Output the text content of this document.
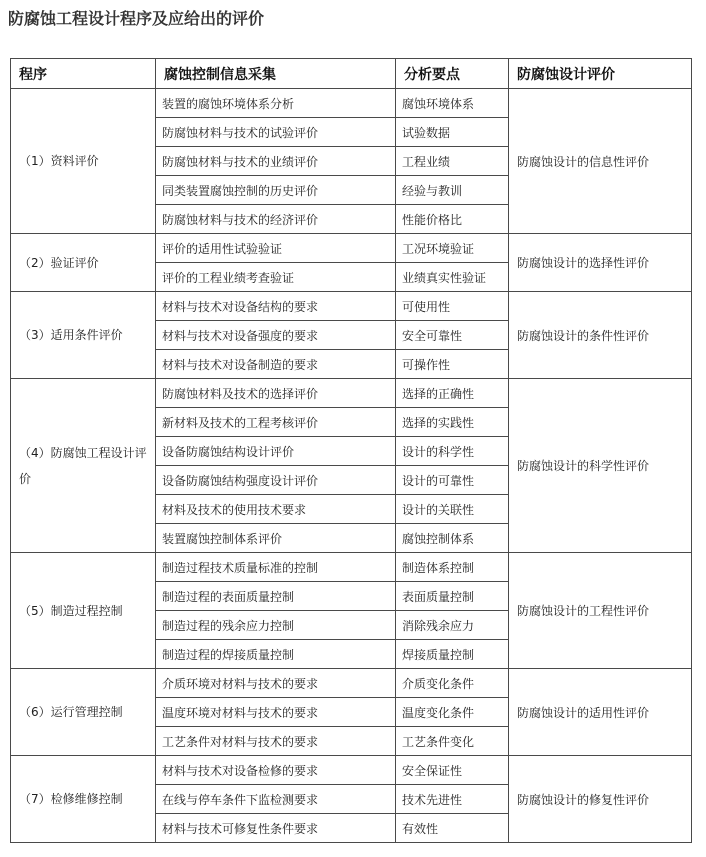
防腐蚀工程设计程序及应给出的评价
程序	腐蚀控制信息采集	分析要点	防腐蚀设计评价
（1）资料评价	装置的腐蚀环境体系分析	腐蚀环境体系	防腐蚀设计的信息性评价
	防腐蚀材料与技术的试验评价	试验数据	
	防腐蚀材料与技术的业绩评价	工程业绩	
	同类装置腐蚀控制的历史评价	经验与教训	
	防腐蚀材料与技术的经济评价	性能价格比	
（2）验证评价	评价的适用性试验验证	工况环境验证	防腐蚀设计的选择性评价
	评价的工程业绩考查验证	业绩真实性验证	
（3）适用条件评价	材料与技术对设备结构的要求	可使用性	防腐蚀设计的条件性评价
	材料与技术对设备强度的要求	安全可靠性	
	材料与技术对设备制造的要求	可操作性	
（4）防腐蚀工程设计评价	防腐蚀材料及技术的选择评价	选择的正确性	防腐蚀设计的科学性评价
	新材料及技术的工程考核评价	选择的实践性	
	设备防腐蚀结构设计评价	设计的科学性	
	设备防腐蚀结构强度设计评价	设计的可靠性	
	材料及技术的使用技术要求	设计的关联性	
	装置腐蚀控制体系评价	腐蚀控制体系	
（5）制造过程控制	制造过程技术质量标准的控制	制造体系控制	防腐蚀设计的工程性评价
	制造过程的表面质量控制	表面质量控制	
	制造过程的残余应力控制	消除残余应力	
	制造过程的焊接质量控制	焊接质量控制	
（6）运行管理控制	介质环境对材料与技术的要求	介质变化条件	防腐蚀设计的适用性评价
	温度环境对材料与技术的要求	温度变化条件	
	工艺条件对材料与技术的要求	工艺条件变化	
（7）检修维修控制	材料与技术对设备检修的要求	安全保证性	防腐蚀设计的修复性评价
	在线与停车条件下监检测要求	技术先进性	
	材料与技术可修复性条件要求	有效性	
